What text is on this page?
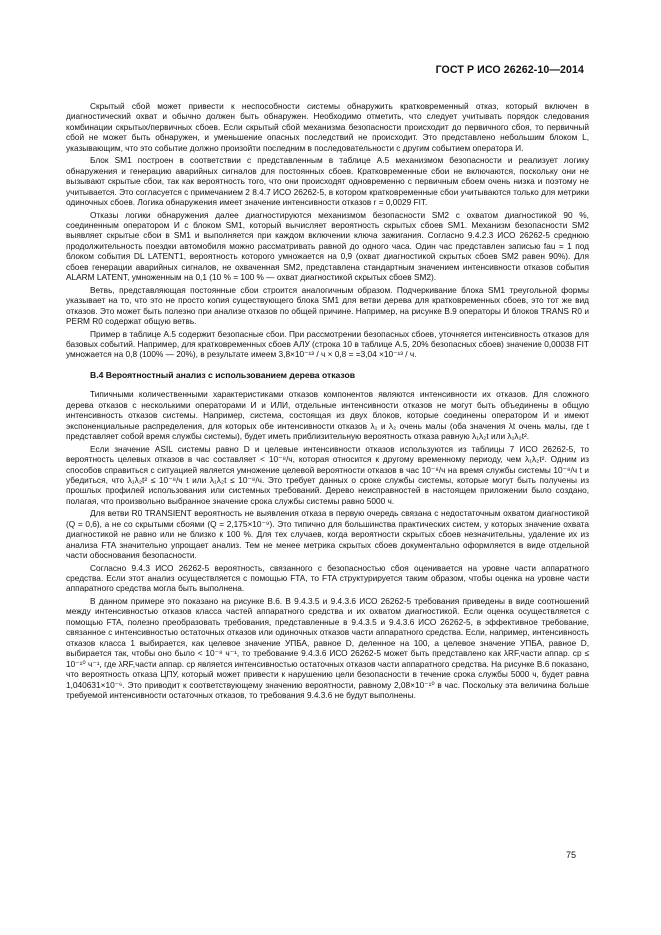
ГОСТ Р ИСО 26262-10—2014

Скрытый сбой может привести к неспособности системы обнаружить кратковременный отказ, который включен в диагностический охват и обычно должен быть обнаружен. Необходимо отметить, что следует учитывать порядок следования комбинации скрытых/первичных сбоев. Если скрытый сбой механизма безопасности происходит до первичного сбоя, то первичный сбой не может быть обнаружен, и уменьшение опасных последствий не происходит. Это представлено небольшим блоком L, указывающим, что это событие должно произойти последним в последовательности с другим событием оператора И.

Блок SM1 построен в соответствии с представленным в таблице А.5 механизмом безопасности и реализует логику обнаружения и генерацию аварийных сигналов для постоянных сбоев. Кратковременные сбои не включаются, поскольку они не вызывают скрытые сбои, так как вероятность того, что они происходят одновременно с первичным сбоем очень низка и поэтому не учитывается. Это согласуется с примечанием 2 8.4.7 ИСО 26262-5, в котором кратковременные сбои учитываются только для метрики одиночных сбоев. Логика обнаружения имеет значение интенсивности отказов r = 0,0029 FIT.

Отказы логики обнаружения далее диагностируются механизмом безопасности SM2 с охватом диагностикой 90 %, соединенным оператором И с блоком SM1, который вычисляет вероятность скрытых сбоев SM1. Механизм безопасности SM2 выявляет скрытые сбои в SM1 и выполняется при каждом включении ключа зажигания. Согласно 9.4.2.3 ИСО 26262-5 среднюю продолжительность поездки автомобиля можно рассматривать равной до одного часа. Один час представлен записью fau = 1 под блоком события DL LATENT1, вероятность которого умножается на 0,9 (охват диагностикой скрытых сбоев SM2 равен 90%). Для сбоев генерации аварийных сигналов, не охваченная SM2, представлена стандартным значением интенсивности отказов события ALARM LATENT, умноженным на 0,1 (10 % = 100 % — охват диагностикой скрытых сбоев SM2).

Ветвь, представляющая постоянные сбои строится аналогичным образом. Подчеркивание блока SM1 треугольной формы указывает на то, что это не просто копия существующего блока SM1 для ветви дерева для кратковременных сбоев, это тот же вид отказов. Это может быть полезно при анализе отказов по общей причине. Например, на рисунке В.9 операторы И блоков TRANS R0 и PERM R0 содержат общую ветвь.

Пример в таблице А.5 содержит безопасные сбои. При рассмотрении безопасных сбоев, уточняется интенсивность отказов для базовых событий. Например, для кратковременных сбоев АЛУ (строка 10 в таблице А.5, 20% безопасных сбоев) значение 0,00038 FIT умножается на 0,8 (100% — 20%), в результате имеем 3,8×10⁻¹³ / ч × 0,8 = =3,04 ×10⁻¹³ / ч.

В.4 Вероятностный анализ с использованием дерева отказов

Типичными количественными характеристиками отказов компонентов являются интенсивности их отказов. Для сложного дерева отказов с несколькими операторами И и ИЛИ, отдельные интенсивности отказов не могут быть объединены в общую интенсивность отказов системы. Например, система, состоящая из двух блоков, которые соединены оператором И и имеют экспоненциальные распределения, для которых обе интенсивности отказов λ₁ и λ₂ очень малы (оба значения λt очень малы, где t представляет собой время службы системы), будет иметь приблизительную вероятность отказа равную λ₁λ₂t или λ₁λ₂t².

Если значение ASIL системы равно D и целевые интенсивности отказов используются из таблицы 7 ИСО 26262-5, то вероятность целевых отказов в час составляет < 10⁻⁸/ч, которая относится к другому временному периоду, чем λ₁λ₂t². Одним из способов справиться с ситуацией является умножение целевой вероятности отказов в час 10⁻⁸/ч на время службы системы 10⁻⁸/ч t и убедиться, что λ₁λ₂t² ≤ 10⁻⁸/ч t или λ₁λ₂t ≤ 10⁻⁸/ч. Это требует данных о сроке службы системы, которые могут быть получены из прошлых профилей использования или системных требований. Дерево неисправностей в настоящем приложении было создано, полагая, что произвольно выбранное значение срока службы системы равно 5000 ч.

Для ветви R0 TRANSIENT вероятность не выявления отказа в первую очередь связана с недостаточным охватом диагностикой (Q = 0,6), а не со скрытыми сбоями (Q = 2,175×10⁻⁹). Это типично для большинства практических систем, у которых значение охвата диагностикой не равно или не близко к 100 %. Для тех случаев, когда вероятности скрытых сбоев незначительны, удаление их из анализа FTA значительно упрощает анализ. Тем не менее метрика скрытых сбоев документально оформляется в виде отдельной части обоснования безопасности.

Согласно 9.4.3 ИСО 26262-5 вероятность, связанного с безопасностью сбоя оценивается на уровне части аппаратного средства. Если этот анализ осуществляется с помощью FTA, то FTA структурируется таким образом, чтобы оценка на уровне части аппаратного средства могла быть выполнена.

В данном примере это показано на рисунке В.6. В 9.4.3.5 и 9.4.3.6 ИСО 26262-5 требования приведены в виде соотношений между интенсивностью отказов класса частей аппаратного средства и их охватом диагностикой. Если оценка осуществляется с помощью FTA, полезно преобразовать требования, представленные в 9.4.3.5 и 9.4.3.6 ИСО 26262-5, в эффективное требование, связанное с интенсивностью остаточных отказов или одиночных отказов части аппаратного средства. Если, например, интенсивность отказов класса 1 выбирается, как целевое значение УПБА, равное D, деленное на 100, а целевое значение УПБА, равное D, выбирается так, чтобы оно было < 10⁻⁸ ч⁻¹, то требование 9.4.3.6 ИСО 26262-5 может быть представлено как λRF,части аппар. ср ≤ 10⁻¹⁰ ч⁻¹, где λRF,части аппар. ср является интенсивностью остаточных отказов части аппаратного средства. На рисунке В.6 показано, что вероятность отказа ЦПУ, который может привести к нарушению цели безопасности в течение срока службы 5000 ч, будет равна 1,040631×10⁻⁶. Это приводит к соответствующему значению вероятности, равному 2,08×10⁻¹⁰ в час. Поскольку эта величина больше требуемой интенсивности остаточных отказов, то требования 9.4.3.6 не будут выполнены.

75
